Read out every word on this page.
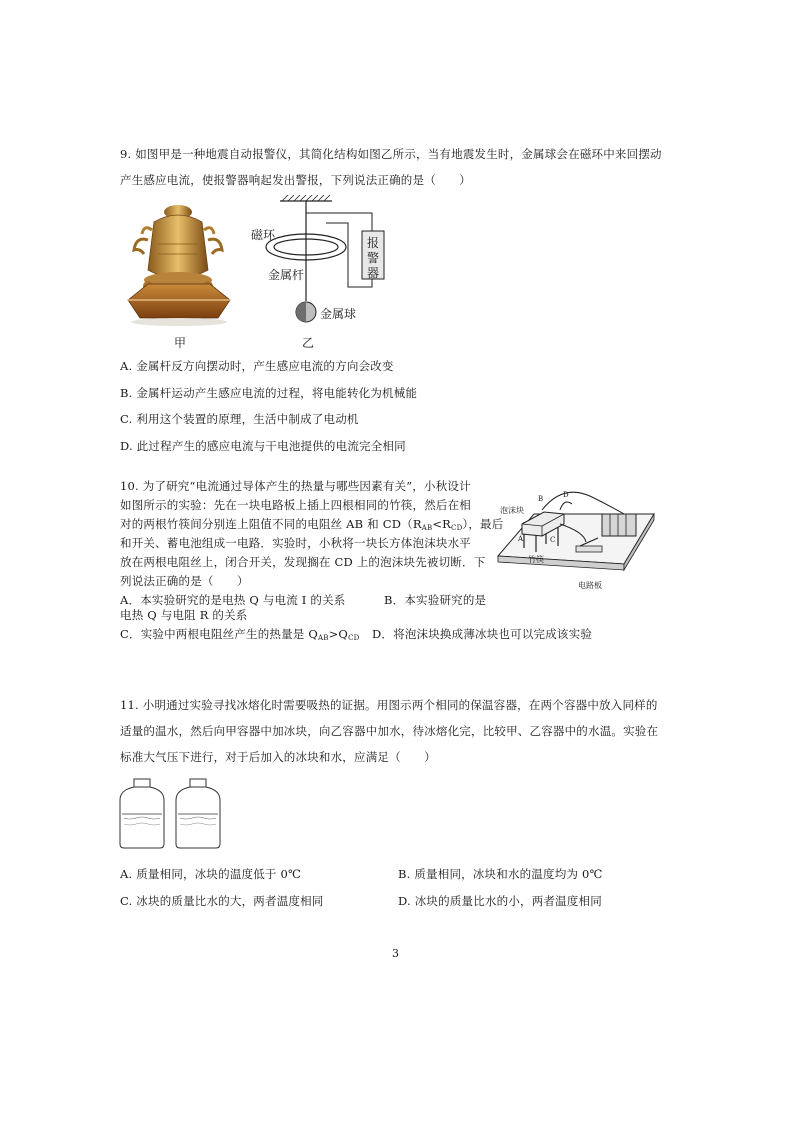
9. 如图甲是一种地震自动报警仪，其简化结构如图乙所示，当有地震发生时，金属球会在磁环中来回摆动
产生感应电流，使报警器响起发出警报，下列说法正确的是（　　）
甲
磁环
金属杆
金属球
报警器
乙
A. 金属杆反方向摆动时，产生感应电流的方向会改变
B. 金属杆运动产生感应电流的过程，将电能转化为机械能
C. 利用这个装置的原理，生活中制成了电动机
D. 此过程产生的感应电流与干电池提供的电流完全相同
10. 为了研究“电流通过导体产生的热量与哪些因素有关”，小秋设计
如图所示的实验：先在一块电路板上插上四根相同的竹筷，然后在相
对的两根竹筷间分别连上阻值不同的电阻丝 AB 和 $CD(R_{AB}<R_{CD})$，最后
和开关、蓄电池组成一电路．实验时，小秋将一块长方体泡沫块水平
放在两根电阻丝上，闭合开关，发现搁在 CD 上的泡沫块先被切断．下
列说法正确的是（　　）
A．本实验研究的是电热 Q 与电流 I 的关系	B．本实验研究的是
电热 Q 与电阻 R 的关系
C．实验中两根电阻丝产生的热量是 $Q_{AB}>Q_{CD}$ D．将泡沫块换成薄冰块也可以完成该实验
泡沫块
竹筷
电路板
B	D
A	C
11. 小明通过实验寻找冰熔化时需要吸热的证据。用图示两个相同的保温容器，在两个容器中放入同样的
适量的温水，然后向甲容器中加冰块，向乙容器中加水，待冰熔化完，比较甲、乙容器中的水温。实验在
标准大气压下进行，对于后加入的冰块和水，应满足（　　）
A. 质量相同，冰块的温度低于 0℃	B. 质量相同，冰块和水的温度均为 0℃
C. 冰块的质量比水的大，两者温度相同	D. 冰块的质量比水的小，两者温度相同
3
